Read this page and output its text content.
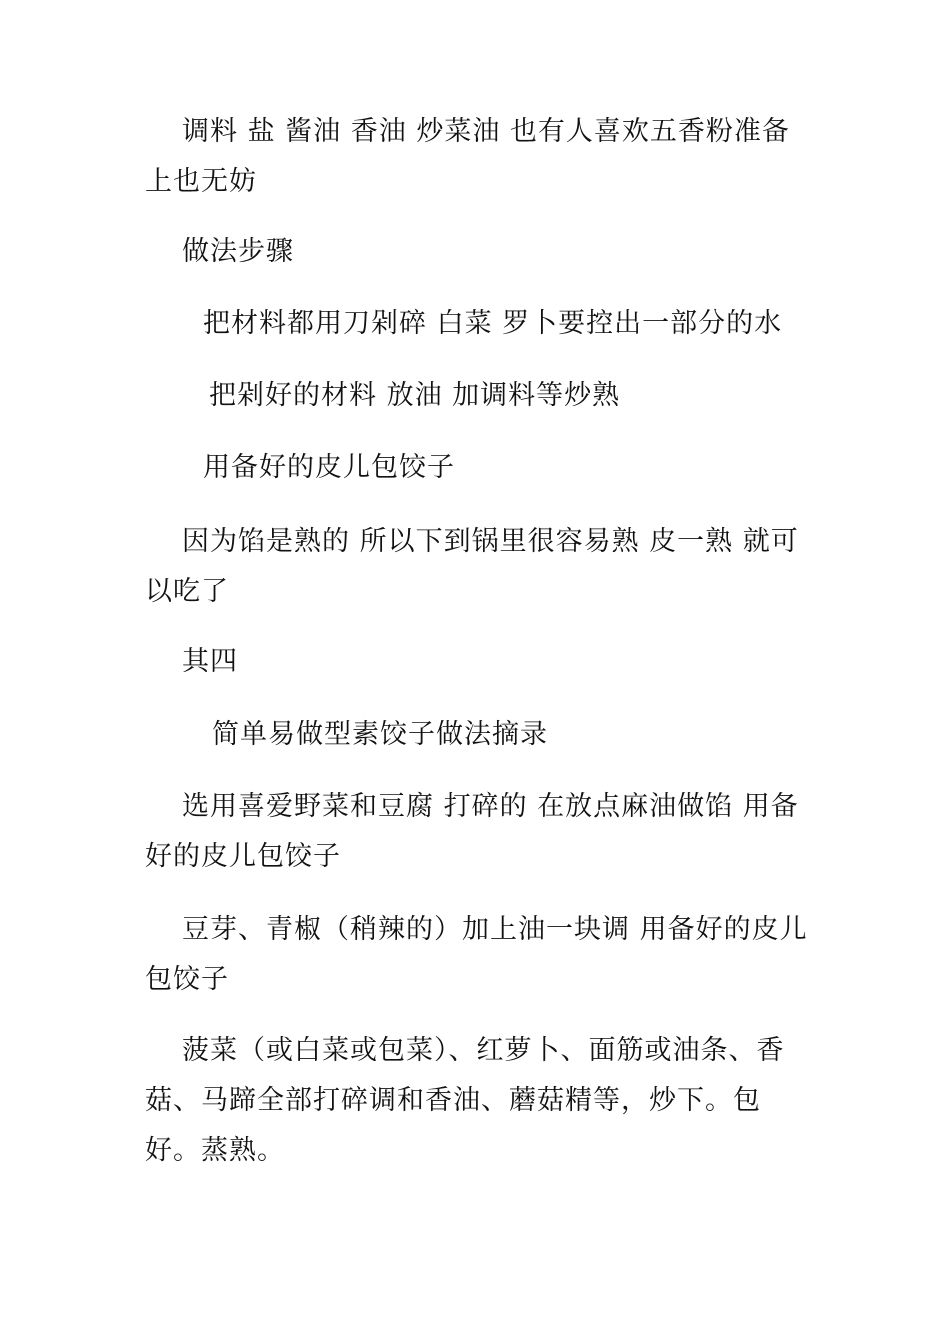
调料 盐 酱油 香油 炒菜油 也有人喜欢五香粉准备上也无妨

做法步骤

把材料都用刀剁碎 白菜 罗卜要控出一部分的水

把剁好的材料 放油 加调料等炒熟

用备好的皮儿包饺子

因为馅是熟的 所以下到锅里很容易熟 皮一熟 就可以吃了

其四

简单易做型素饺子做法摘录

选用喜爱野菜和豆腐 打碎的 在放点麻油做馅 用备好的皮儿包饺子

豆芽、青椒（稍辣的）加上油一块调 用备好的皮儿包饺子

菠菜（或白菜或包菜）、红萝卜、面筋或油条、香菇、马蹄全部打碎调和香油、蘑菇精等，炒下。包好。蒸熟。
